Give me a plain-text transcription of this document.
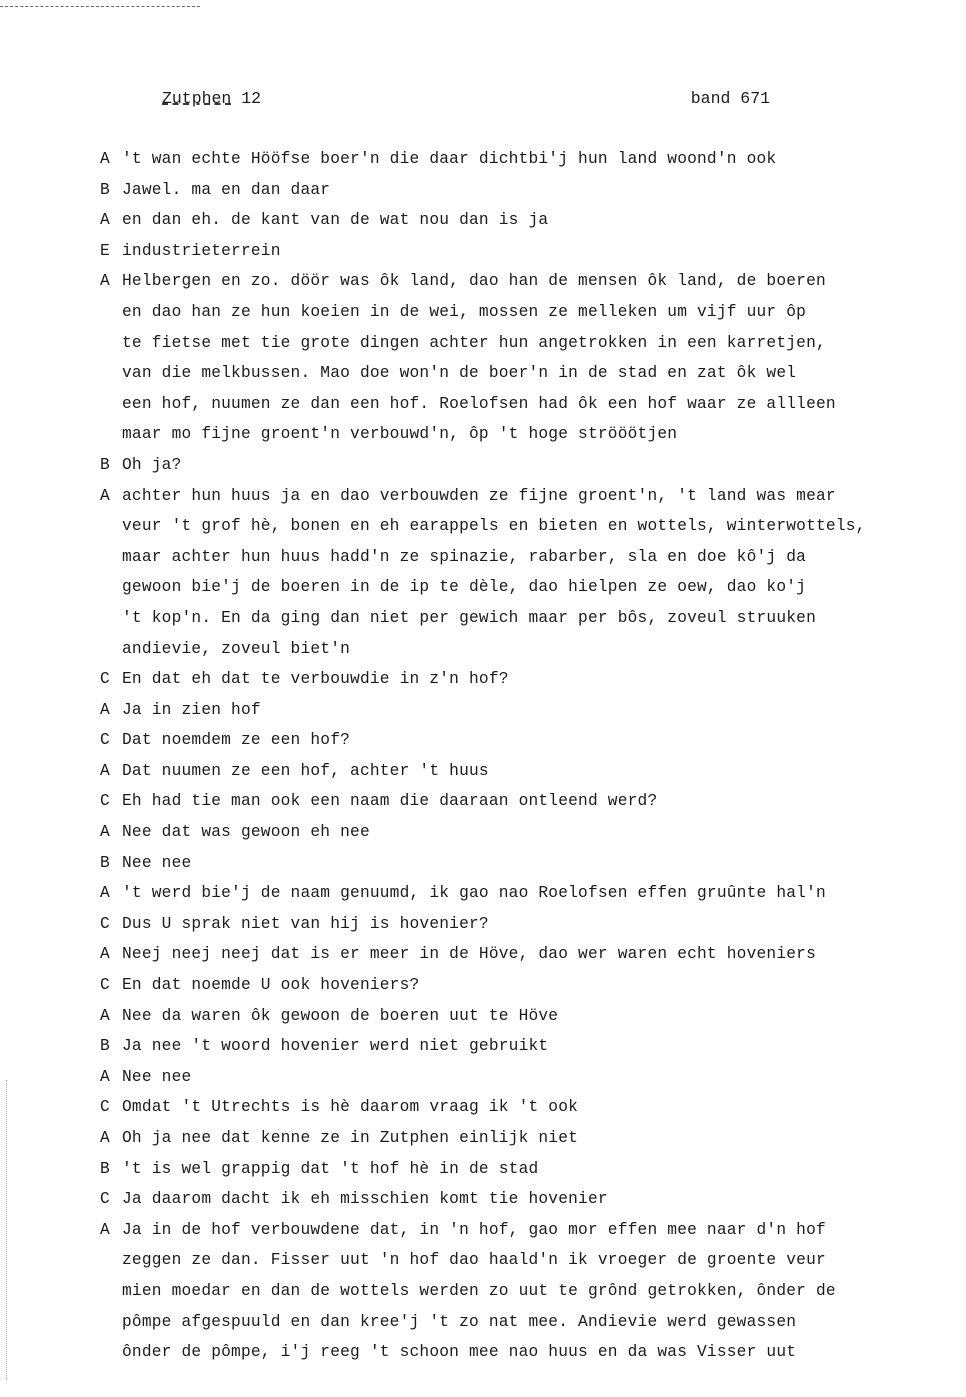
Zutphen 12	band 671
A 't wan echte Hööfse boer'n die daar dichtbi'j hun land woond'n ook
B Jawel. ma en dan daar
A en dan eh. de kant van de wat nou dan is ja
E industrieterrein
A Helbergen en zo. döör was ôk land, dao han de mensen ôk land, de boeren
en dao han ze hun koeien in de wei, mossen ze melleken um vijf uur ôp
te fietse met tie grote dingen achter hun angetrokken in een karretjen,
van die melkbussen. Mao doe won'n de boer'n in de stad en zat ôk wel
een hof, nuumen ze dan een hof. Roelofsen had ôk een hof waar ze allleen
maar mo fijne groent'n verbouwd'n, ôp 't hoge strööötjen
B Oh ja?
A achter hun huus ja en dao verbouwden ze fijne groent'n, 't land was mear
veur 't grof hè, bonen en eh earappels en bieten en wottels, winterwottels,
maar achter hun huus hadd'n ze spinazie, rabarber, sla en doe kô'j da
gewoon bie'j de boeren in de ip te dèle, dao hielpen ze oew, dao ko'j
't kop'n. En da ging dan niet per gewich maar per bôs, zoveul struuken
andievie, zoveul biet'n
C En dat eh dat te verbouwdie in z'n hof?
A Ja in zien hof
C Dat noemdem ze een hof?
A Dat nuumen ze een hof, achter 't huus
C Eh had tie man ook een naam die daaraan ontleend werd?
A Nee dat was gewoon eh nee
B Nee nee
A 't werd bie'j de naam genuumd, ik gao nao Roelofsen effen gruûnte hal'n
C Dus U sprak niet van hij is hovenier?
A Neej neej neej dat is er meer in de Höve, dao wer waren echt hoveniers
C En dat noemde U ook hoveniers?
A Nee da waren ôk gewoon de boeren uut te Höve
B Ja nee 't woord hovenier werd niet gebruikt
A Nee nee
C Omdat 't Utrechts is hè daarom vraag ik 't ook
A Oh ja nee dat kenne ze in Zutphen einlijk niet
B 't is wel grappig dat 't hof hè in de stad
C Ja daarom dacht ik eh misschien komt tie hovenier
A Ja in de hof verbouwdene dat, in 'n hof, gao mor effen mee naar d'n hof
zeggen ze dan. Fisser uut 'n hof dao haald'n ik vroeger de groente veur
mien moedar en dan de wottels werden zo uut te grônd getrokken, ônder de
pômpe afgespuuld en dan kree'j 't zo nat mee. Andievie werd gewassen
ônder de pômpe, i'j reeg 't schoon mee nao huus en da was Visser uut
